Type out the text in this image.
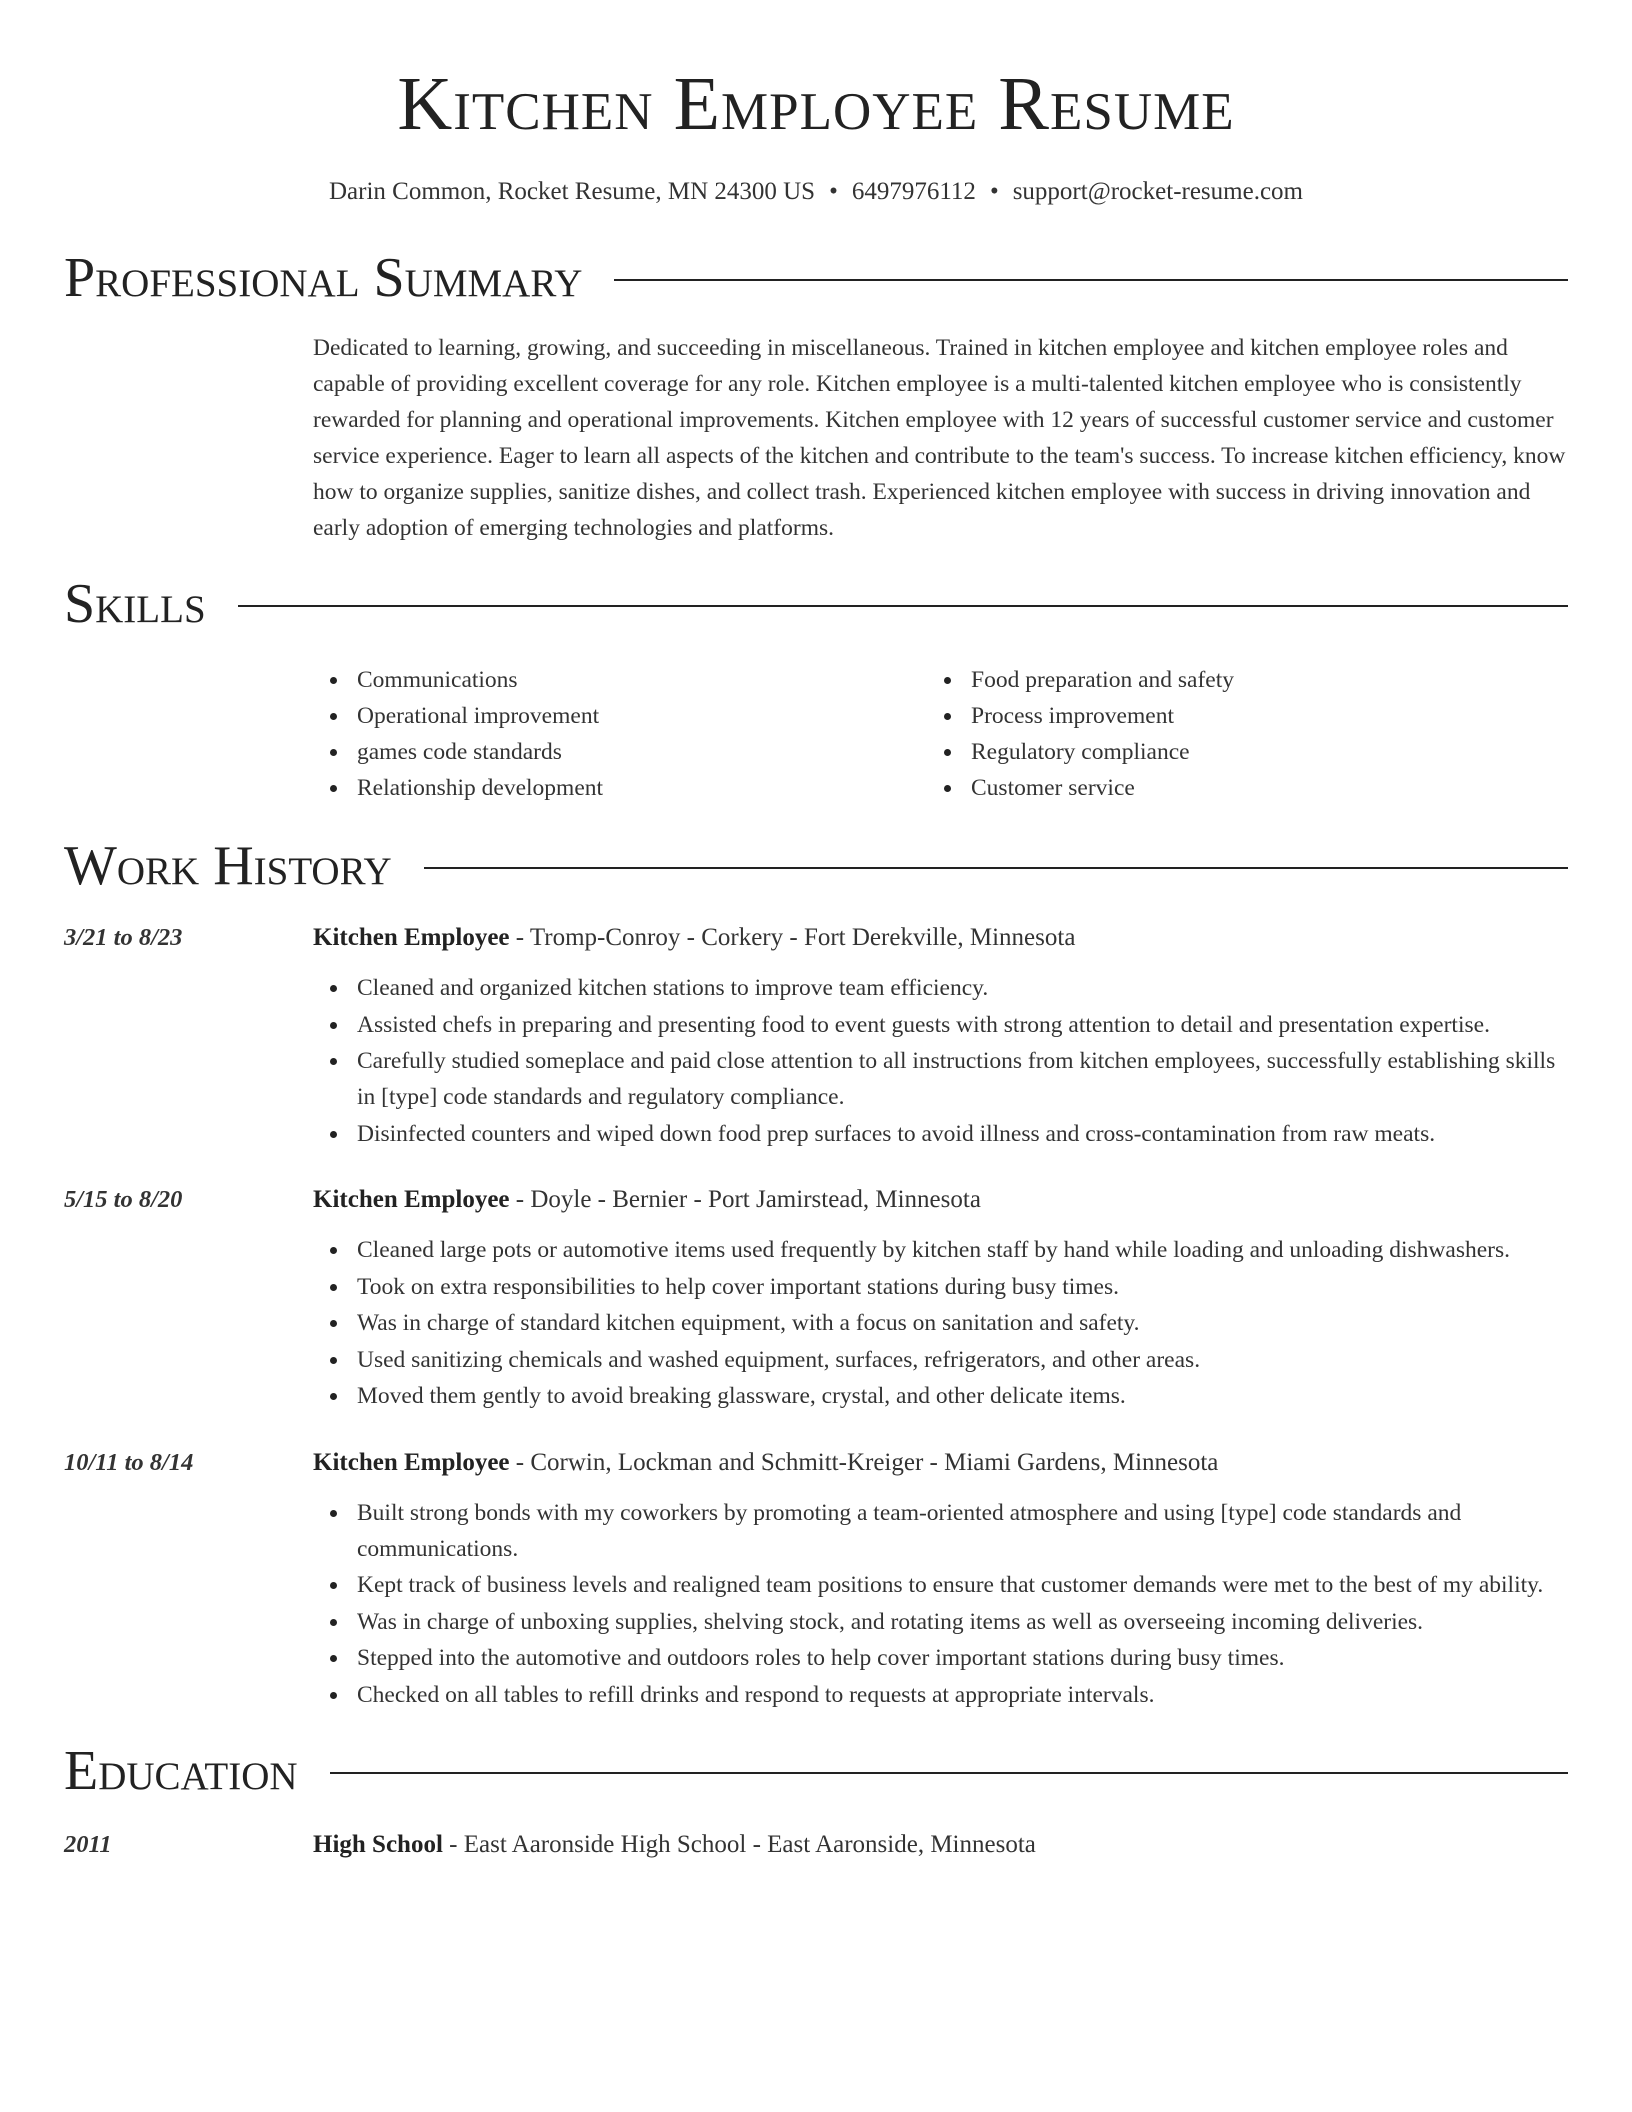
Kitchen Employee Resume
Darin Common, Rocket Resume, MN 24300 US • 6497976112 • support@rocket-resume.com
Professional Summary
Dedicated to learning, growing, and succeeding in miscellaneous. Trained in kitchen employee and kitchen employee roles and capable of providing excellent coverage for any role. Kitchen employee is a multi-talented kitchen employee who is consistently rewarded for planning and operational improvements. Kitchen employee with 12 years of successful customer service and customer service experience. Eager to learn all aspects of the kitchen and contribute to the team's success. To increase kitchen efficiency, know how to organize supplies, sanitize dishes, and collect trash. Experienced kitchen employee with success in driving innovation and early adoption of emerging technologies and platforms.
Skills
Communications
Operational improvement
games code standards
Relationship development
Food preparation and safety
Process improvement
Regulatory compliance
Customer service
Work History
3/21 to 8/23	Kitchen Employee - Tromp-Conroy - Corkery - Fort Derekville, Minnesota
Cleaned and organized kitchen stations to improve team efficiency.
Assisted chefs in preparing and presenting food to event guests with strong attention to detail and presentation expertise.
Carefully studied someplace and paid close attention to all instructions from kitchen employees, successfully establishing skills in [type] code standards and regulatory compliance.
Disinfected counters and wiped down food prep surfaces to avoid illness and cross-contamination from raw meats.
5/15 to 8/20	Kitchen Employee - Doyle - Bernier - Port Jamirstead, Minnesota
Cleaned large pots or automotive items used frequently by kitchen staff by hand while loading and unloading dishwashers.
Took on extra responsibilities to help cover important stations during busy times.
Was in charge of standard kitchen equipment, with a focus on sanitation and safety.
Used sanitizing chemicals and washed equipment, surfaces, refrigerators, and other areas.
Moved them gently to avoid breaking glassware, crystal, and other delicate items.
10/11 to 8/14	Kitchen Employee - Corwin, Lockman and Schmitt-Kreiger - Miami Gardens, Minnesota
Built strong bonds with my coworkers by promoting a team-oriented atmosphere and using [type] code standards and communications.
Kept track of business levels and realigned team positions to ensure that customer demands were met to the best of my ability.
Was in charge of unboxing supplies, shelving stock, and rotating items as well as overseeing incoming deliveries.
Stepped into the automotive and outdoors roles to help cover important stations during busy times.
Checked on all tables to refill drinks and respond to requests at appropriate intervals.
Education
2011	High School - East Aaronside High School - East Aaronside, Minnesota
